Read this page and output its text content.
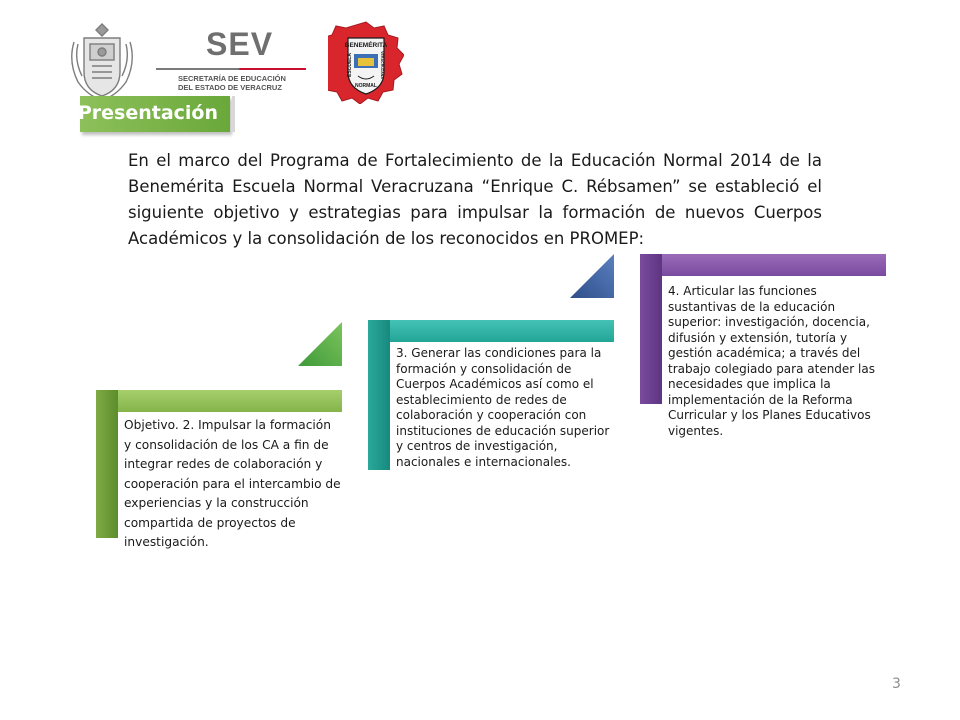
SEV
SECRETARÍA DE EDUCACIÓN
DEL ESTADO DE VERACRUZ
BENEMÉRITA
ESCUELA	VERACRUZANA
NORMAL
Presentación
En el marco del Programa de Fortalecimiento de la Educación Normal 2014 de la Benemérita Escuela Normal Veracruzana “Enrique C. Rébsamen” se estableció el siguiente objetivo y estrategias para impulsar la formación de nuevos Cuerpos Académicos y la consolidación de los reconocidos en PROMEP:
Objetivo. 2. Impulsar la formación y consolidación de los CA a fin de integrar redes de colaboración y cooperación para el intercambio de experiencias y la construcción compartida de proyectos de investigación.
3. Generar las condiciones para la formación y consolidación de Cuerpos Académicos así como el establecimiento de redes de colaboración y cooperación con instituciones de educación superior y centros de investigación, nacionales e internacionales.
4. Articular las funciones sustantivas de la educación superior: investigación, docencia, difusión y extensión, tutoría y gestión académica; a través del trabajo colegiado para atender las necesidades que implica la implementación de la Reforma Curricular y los Planes Educativos vigentes.
3
